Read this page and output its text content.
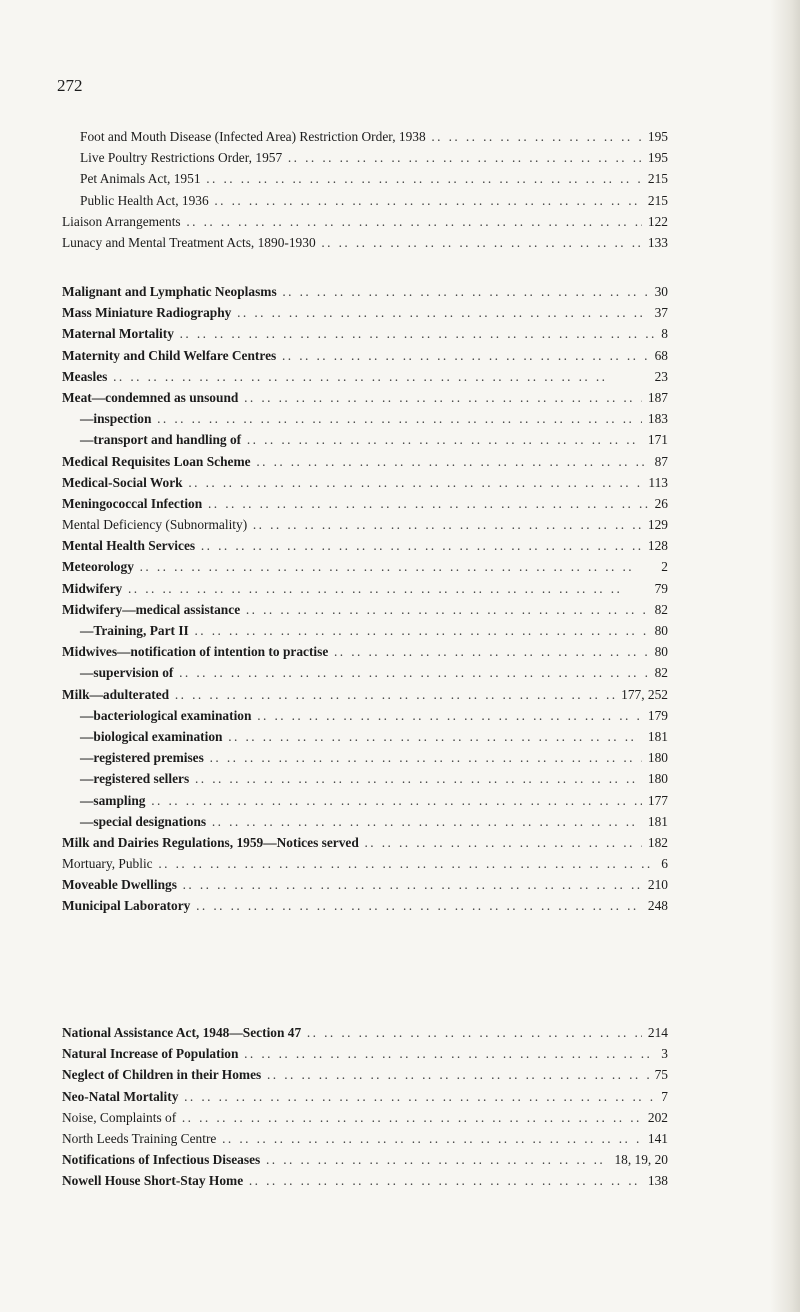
272
Foot and Mouth Disease (Infected Area) Restriction Order, 1938 .. ..	195
Live Poultry Restrictions Order, 1957 .. ..	195
Pet Animals Act, 1951 .. ..	215
Public Health Act, 1936 .. ..	215
Liaison Arrangements .. ..	122
Lunacy and Mental Treatment Acts, 1890-1930 .. ..	133
Malignant and Lymphatic Neoplasms .. ..	30
Mass Miniature Radiography .. ..	37
Maternal Mortality .. ..	8
Maternity and Child Welfare Centres .. ..	68
Measles .. ..	23
Meat—condemned as unsound .. ..	187
—inspection .. ..	183
—transport and handling of .. ..	171
Medical Requisites Loan Scheme .. ..	87
Medical-Social Work .. ..	113
Meningococcal Infection .. ..	26
Mental Deficiency (Subnormality) .. ..	129
Mental Health Services .. ..	128
Meteorology .. ..	2
Midwifery .. ..	79
Midwifery—medical assistance .. ..	82
—Training, Part II .. ..	80
Midwives—notification of intention to practise .. ..	80
—supervision of .. ..	82
Milk—adulterated .. ..	177, 252
—bacteriological examination .. ..	179
—biological examination .. ..	181
—registered premises .. ..	180
—registered sellers .. ..	180
—sampling .. ..	177
—special designations .. ..	181
Milk and Dairies Regulations, 1959—Notices served .. ..	182
Mortuary, Public .. ..	6
Moveable Dwellings .. ..	210
Municipal Laboratory .. ..	248
National Assistance Act, 1948—Section 47 .. ..	214
Natural Increase of Population .. ..	3
Neglect of Children in their Homes .. ..	75
Neo-Natal Mortality .. ..	7
Noise, Complaints of .. ..	202
North Leeds Training Centre .. ..	141
Notifications of Infectious Diseases .. ..	18, 19, 20
Nowell House Short-Stay Home .. ..	138
